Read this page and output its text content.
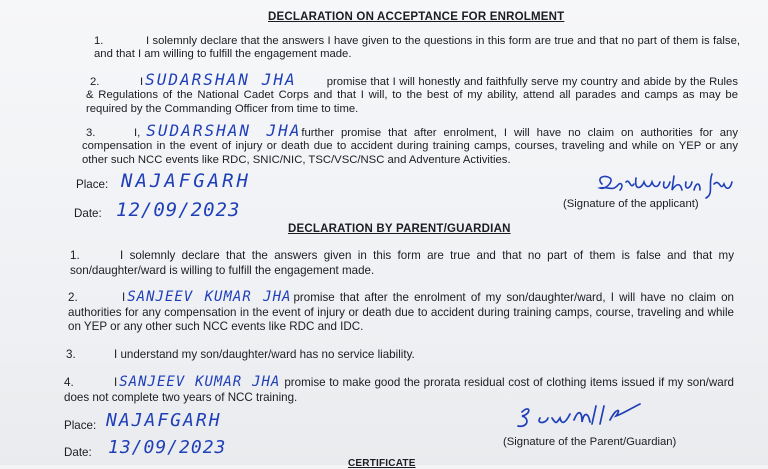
DECLARATION ON ACCEPTANCE FOR ENROLMENT
1.	I solemnly declare that the answers I have given to the questions in this form are true and that no part of them is false, and that I am willing to fulfill the engagement made.
2.	I SUDARSHAN JHA	promise that I will honestly and faithfully serve my country and abide by the Rules & Regulations of the National Cadet Corps and that I will, to the best of my ability, attend all parades and camps as may be required by the Commanding Officer from time to time.
3.	I, SUDARSHAN JHAfurther promise that after enrolment, I will have no claim on authorities for any compensation in the event of injury or death due to accident during training camps, courses, traveling and while on YEP or any other such NCC events like RDC, SNIC/NIC, TSC/VSC/NSC and Adventure Activities.
Place: NAJAFGARH
Date: 12/09/2023	(Signature of the applicant)
DECLARATION BY PARENT/GUARDIAN
1.	I solemnly declare that the answers given in this form are true and that no part of them is false and that my son/daughter/ward is willing to fulfill the engagement made.
2.	I SANJEEV KUMAR JHA promise that after the enrolment of my son/daughter/ward, I will have no claim on authorities for any compensation in the event of injury or death due to accident during training camps, course, traveling and while on YEP or any other such NCC events like RDC and IDC.
3.	I understand my son/daughter/ward has no service liability.
4.	I SANJEEV KUMAR JHA promise to make good the prorata residual cost of clothing items issued if my son/ward does not complete two years of NCC training.
Place: NAJAFGARH
Date: 13/09/2023	(Signature of the Parent/Guardian)
CERTIFICATE
